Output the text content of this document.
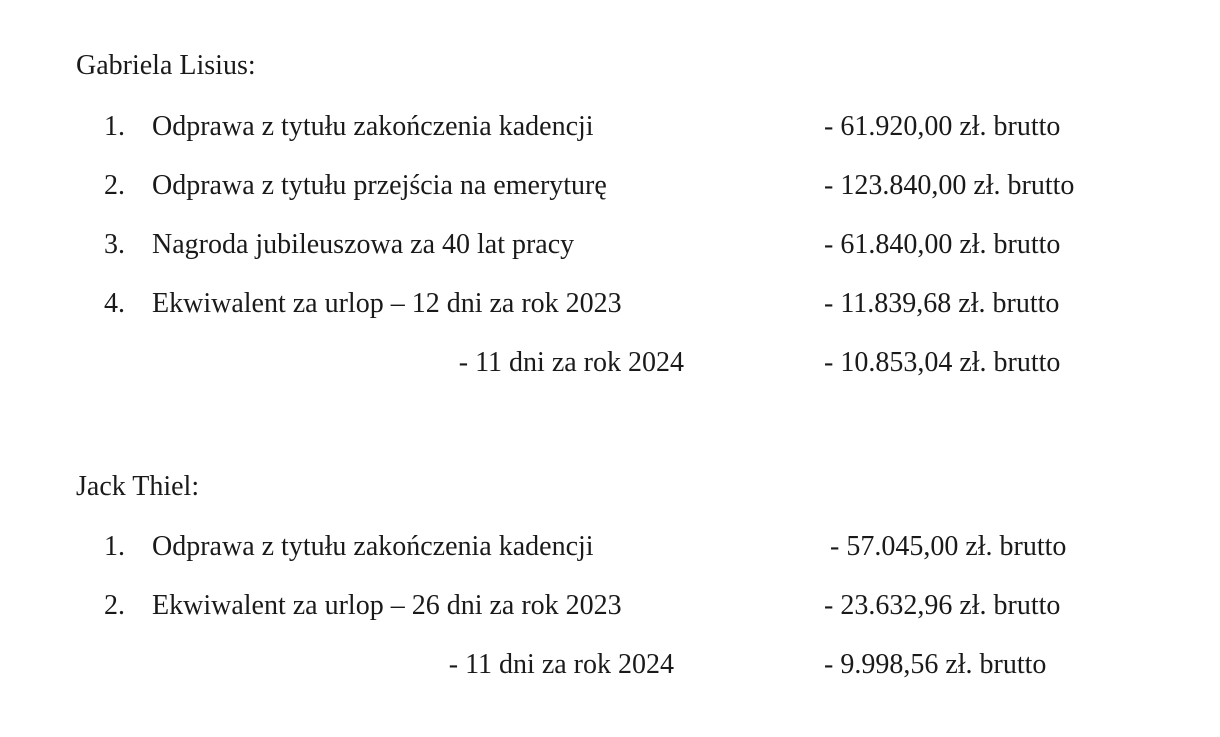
Gabriela Lisius:
1. Odprawa z tytułu zakończenia kadencji	- 61.920,00 zł. brutto
2. Odprawa z tytułu przejścia na emeryturę	- 123.840,00 zł. brutto
3. Nagroda jubileuszowa za 40 lat pracy	- 61.840,00 zł. brutto
4. Ekwiwalent za urlop – 12 dni za rok 2023	- 11.839,68 zł. brutto
- 11 dni za rok 2024	- 10.853,04 zł. brutto
Jack Thiel:
1. Odprawa z tytułu zakończenia kadencji	- 57.045,00 zł. brutto
2. Ekwiwalent za urlop – 26 dni za rok 2023	- 23.632,96 zł. brutto
- 11 dni za rok 2024	- 9.998,56 zł. brutto
